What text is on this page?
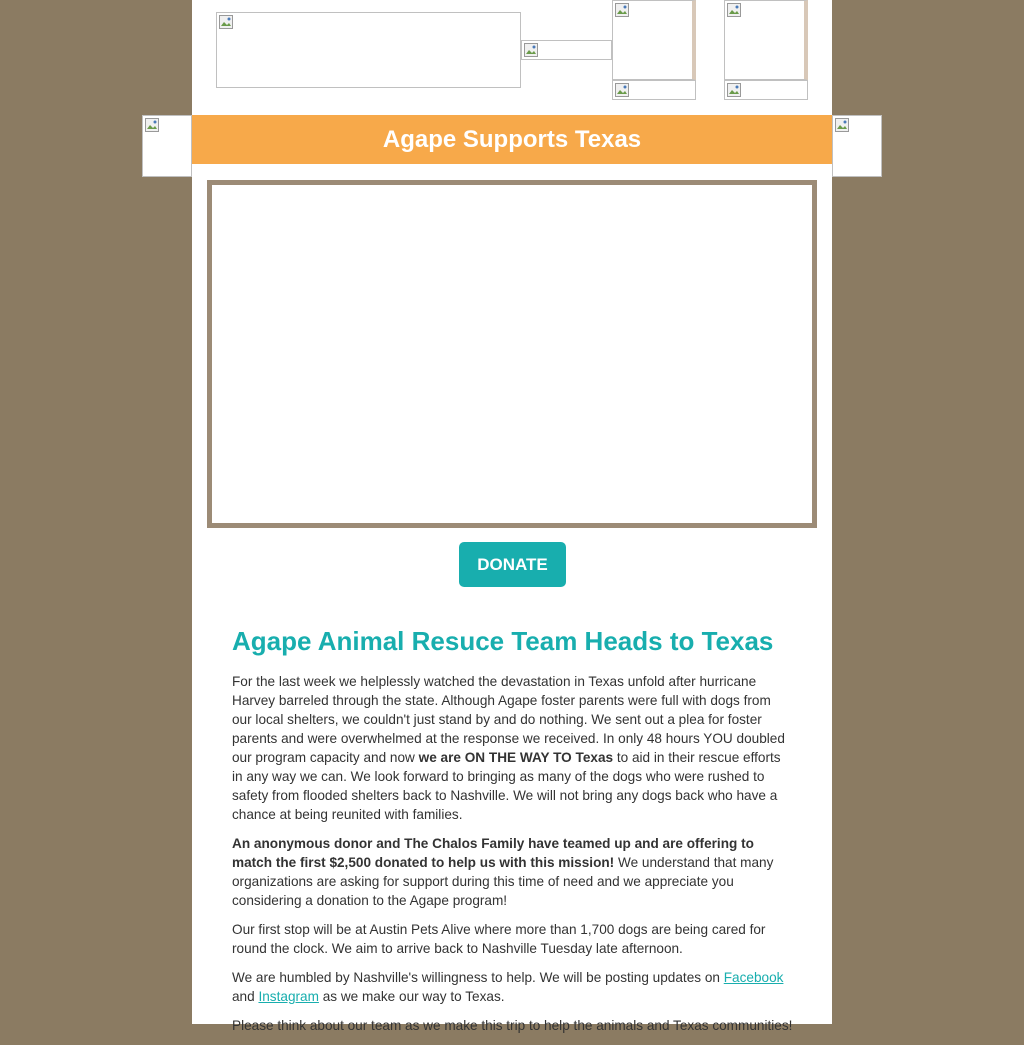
Agape Supports Texas
DONATE
Agape Animal Resuce Team Heads to Texas

For the last week we helplessly watched the devastation in Texas unfold after hurricane Harvey barreled through the state. Although Agape foster parents were full with dogs from our local shelters, we couldn't just stand by and do nothing. We sent out a plea for foster parents and were overwhelmed at the response we received. In only 48 hours YOU doubled our program capacity and now we are ON THE WAY TO Texas to aid in their rescue efforts in any way we can. We look forward to bringing as many of the dogs who were rushed to safety from flooded shelters back to Nashville. We will not bring any dogs back who have a chance at being reunited with families.

An anonymous donor and The Chalos Family have teamed up and are offering to match the first $2,500 donated to help us with this mission! We understand that many organizations are asking for support during this time of need and we appreciate you considering a donation to the Agape program!

Our first stop will be at Austin Pets Alive where more than 1,700 dogs are being cared for round the clock. We aim to arrive back to Nashville Tuesday late afternoon.

We are humbled by Nashville's willingness to help. We will be posting updates on Facebook and Instagram as we make our way to Texas.

Please think about our team as we make this trip to help the animals and Texas communities!
